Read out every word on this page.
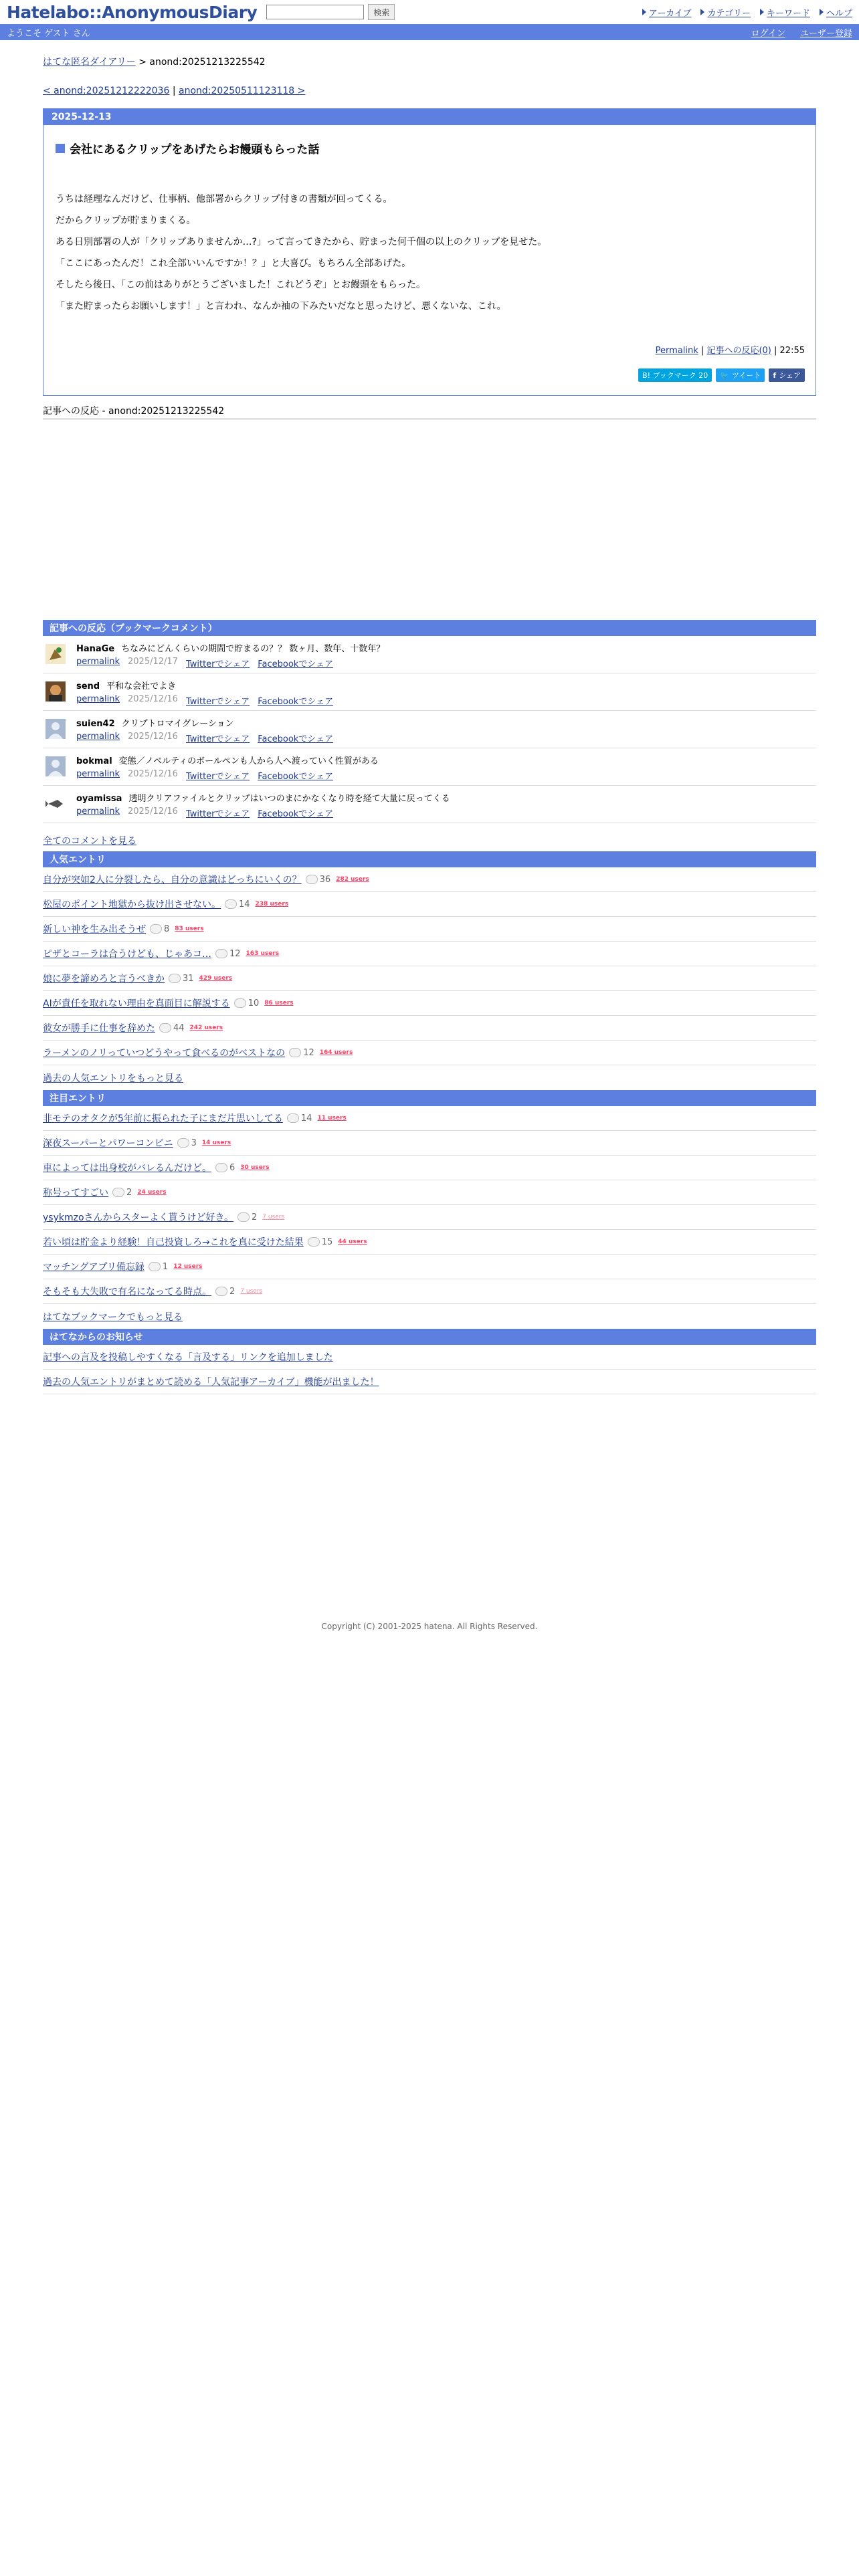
Hatelabo::AnonymousDiary	検索	アーカイブ カテゴリー キーワード ヘルプ
ようこそ ゲスト さん	ログイン ユーザー登録
はてな匿名ダイアリー > anond:20251213225542
< anond:20251212222036 | anond:20250511123118 >
2025-12-13
会社にあるクリップをあげたらお饅頭もらった話

うちは経理なんだけど、仕事柄、他部署からクリップ付きの書類が回ってくる。

だからクリップが貯まりまくる。

ある日別部署の人が「クリップありませんか…?」って言ってきたから、貯まった何千個の以上のクリップを見せた。

「ここにあったんだ！これ全部いいんですか！？」と大喜び。もちろん全部あげた。

そしたら後日、「この前はありがとうございました！これどうぞ」とお饅頭をもらった。

「また貯まったらお願いします！」と言われ、なんか袖の下みたいだなと思ったけど、悪くないな、これ。

Permalink | 記事への反応(0) | 22:55
B! ブックマーク 20	🐦 ツイート f シェア
記事への反応 - anond:20251213225542
記事への反応（ブックマークコメント）
HanaGe ちなみにどんくらいの期間で貯まるの？？ 数ヶ月、数年、十数年？
permalink 2025/12/17 Twitterでシェア Facebookでシェア
send 平和な会社でよき
permalink 2025/12/16 Twitterでシェア Facebookでシェア
suien42 クリプトロマイグレーション
permalink 2025/12/16 Twitterでシェア Facebookでシェア
bokmal 変態／ノベルティのボールペンも人から人へ渡っていく性質がある
permalink 2025/12/16 Twitterでシェア Facebookでシェア
oyamissa 透明クリアファイルとクリップはいつのまにかなくなり時を経て大量に戻ってくる
permalink 2025/12/16 Twitterでシェア Facebookでシェア
全てのコメントを見る
人気エントリ
自分が突如2人に分裂したら、自分の意識はどっちにいくの？ 36 282 users
松屋のポイント地獄から抜け出させない。 14 238 users
新しい神を生み出そうぜ 8 83 users
ピザとコーラは合うけども、じゃあコ… 12 163 users
娘に夢を諦めろと言うべきか 31 429 users
AIが責任を取れない理由を真面目に解説する 10 86 users
彼女が勝手に仕事を辞めた 44 242 users
ラーメンのノリっていつどうやって食べるのがベストなの 12 164 users
過去の人気エントリをもっと見る
注目エントリ
非モテのオタクが5年前に振られた子にまだ片思いしてる 14 11 users
深夜スーパーとパワーコンビニ 3 14 users
車によっては出身校がバレるんだけど。 6 30 users
称号ってすごい 2 24 users
ysykmzoさんからスターよく貰うけど好き。 2 7 users
若い頃は貯金より経験！自己投資しろ→これを真に受けた結果 15 44 users
マッチングアプリ備忘録 1 12 users
そもそも大失敗で有名になってる時点。 2 7 users
はてなブックマークでもっと見る
はてなからのお知らせ
記事への言及を投稿しやすくなる「言及する」リンクを追加しました
過去の人気エントリがまとめて読める「人気記事アーカイブ」機能が出ました！
Copyright (C) 2001-2025 hatena. All Rights Reserved.
